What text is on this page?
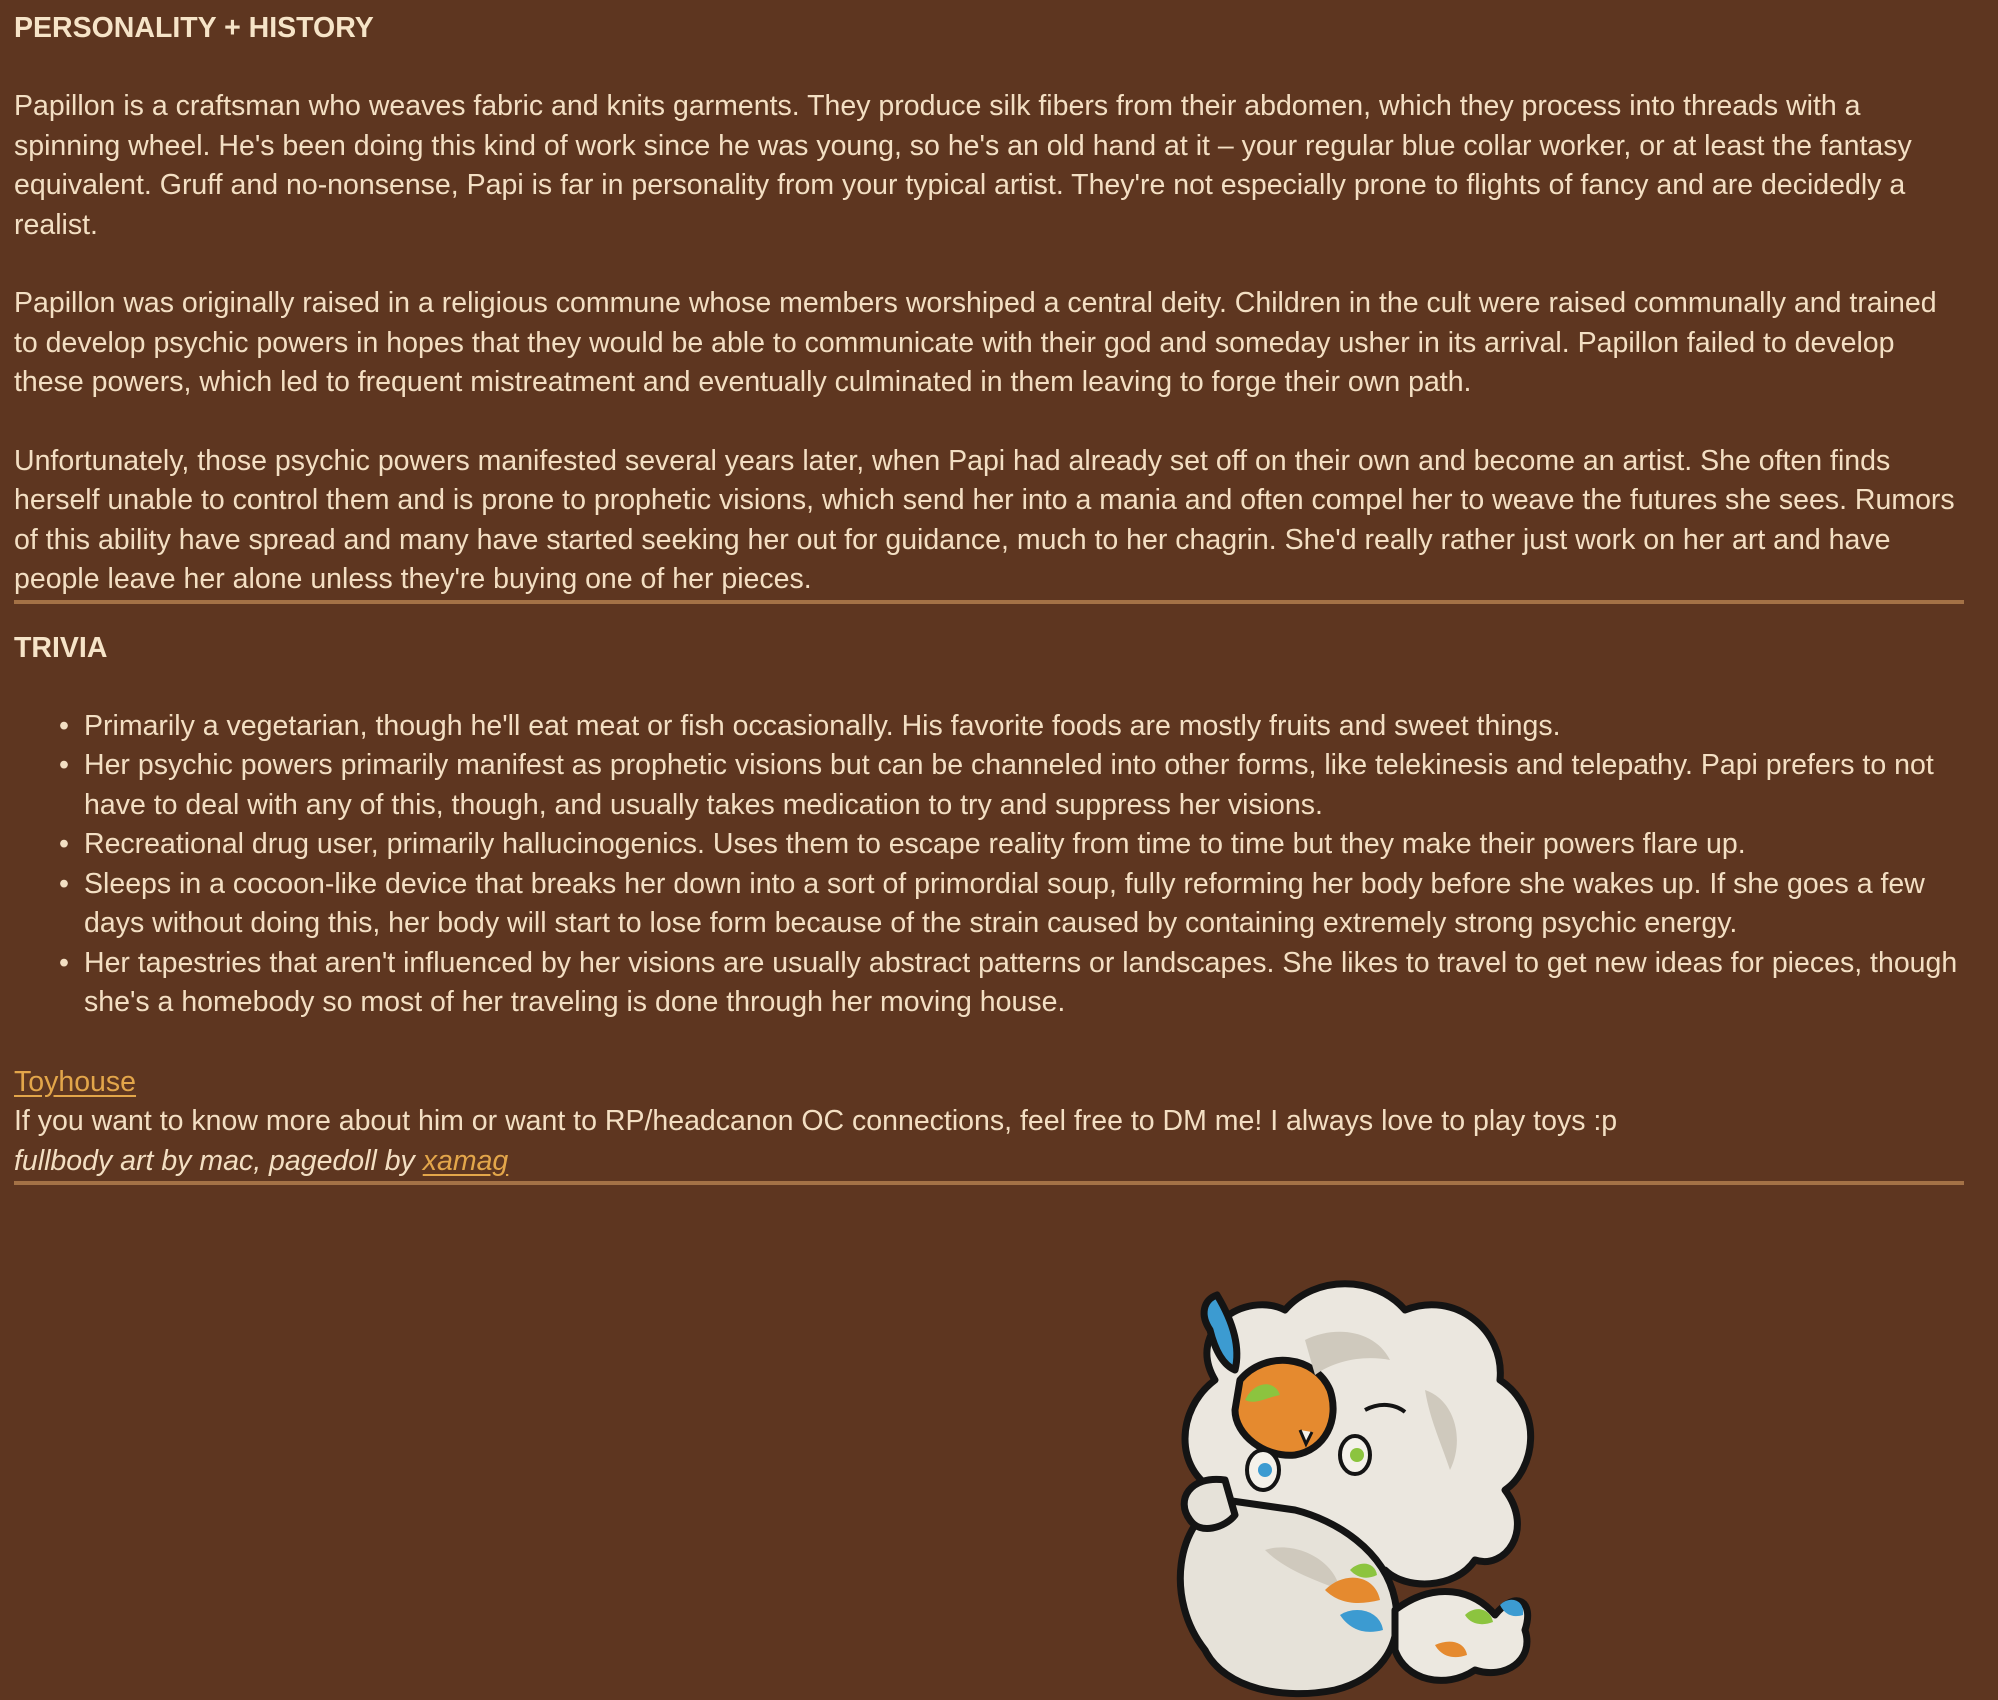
PERSONALITY + HISTORY

Papillon is a craftsman who weaves fabric and knits garments. They produce silk fibers from their abdomen, which they process into threads with a spinning wheel. He's been doing this kind of work since he was young, so he's an old hand at it – your regular blue collar worker, or at least the fantasy equivalent. Gruff and no-nonsense, Papi is far in personality from your typical artist. They're not especially prone to flights of fancy and are decidedly a realist.

Papillon was originally raised in a religious commune whose members worshiped a central deity. Children in the cult were raised communally and trained to develop psychic powers in hopes that they would be able to communicate with their god and someday usher in its arrival. Papillon failed to develop these powers, which led to frequent mistreatment and eventually culminated in them leaving to forge their own path.

Unfortunately, those psychic powers manifested several years later, when Papi had already set off on their own and become an artist. She often finds herself unable to control them and is prone to prophetic visions, which send her into a mania and often compel her to weave the futures she sees. Rumors of this ability have spread and many have started seeking her out for guidance, much to her chagrin. She'd really rather just work on her art and have people leave her alone unless they're buying one of her pieces.

TRIVIA
• Primarily a vegetarian, though he'll eat meat or fish occasionally. His favorite foods are mostly fruits and sweet things.
• Her psychic powers primarily manifest as prophetic visions but can be channeled into other forms, like telekinesis and telepathy. Papi prefers to not have to deal with any of this, though, and usually takes medication to try and suppress her visions.
• Recreational drug user, primarily hallucinogenics. Uses them to escape reality from time to time but they make their powers flare up.
• Sleeps in a cocoon-like device that breaks her down into a sort of primordial soup, fully reforming her body before she wakes up. If she goes a few days without doing this, her body will start to lose form because of the strain caused by containing extremely strong psychic energy.
• Her tapestries that aren't influenced by her visions are usually abstract patterns or landscapes. She likes to travel to get new ideas for pieces, though she's a homebody so most of her traveling is done through her moving house.

Toyhouse

If you want to know more about him or want to RP/headcanon OC connections, feel free to DM me! I always love to play toys :p

fullbody art by mac, pagedoll by xamag
